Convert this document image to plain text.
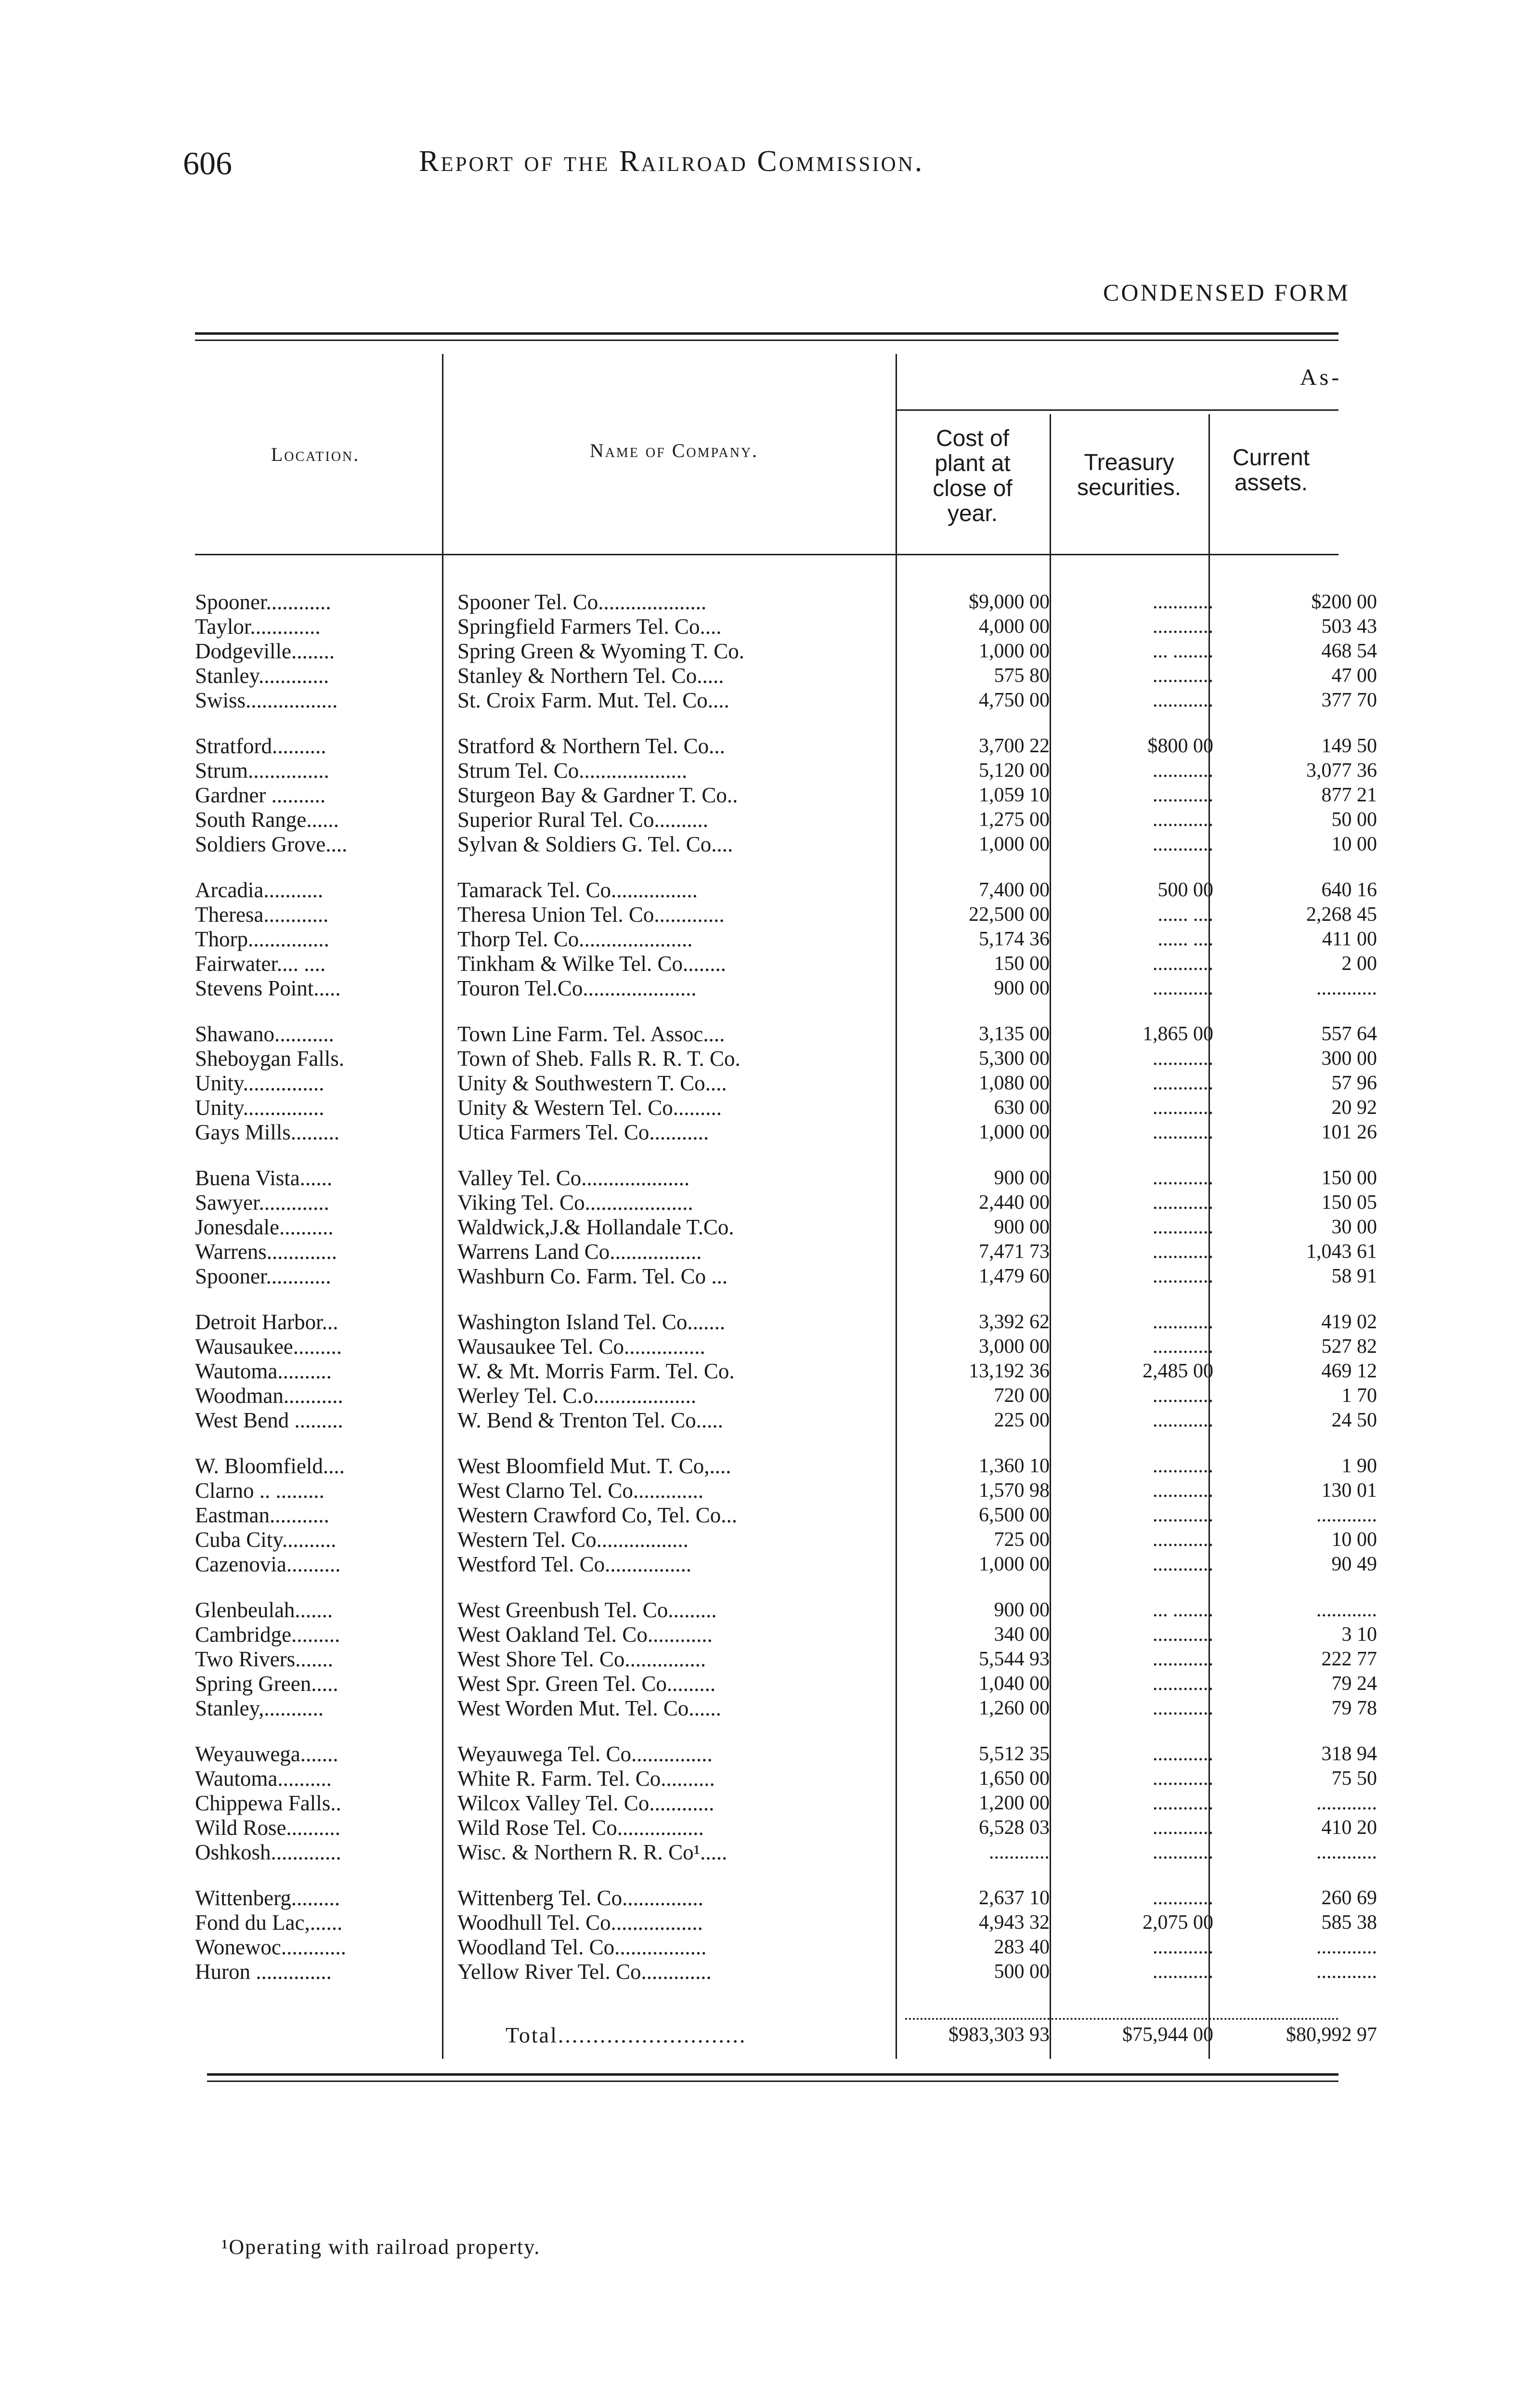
606	Report of the Railroad Commission.
CONDENSED FORM
As-
Location.	Name of Company.	Cost of
plant at
close of
year.
Treasury
securities.
Current
assets.
Spooner............	Spooner Tel. Co....................	$9,000 00	............	$200 00
Taylor.............	Springfield Farmers Tel. Co....	4,000 00	............	503 43
Dodgeville........	Spring Green & Wyoming T. Co.	1,000 00	... ........	468 54
Stanley.............	Stanley & Northern Tel. Co.....	575 80	............	47 00
Swiss.................	St. Croix Farm. Mut. Tel. Co....	4,750 00	............	377 70
Stratford..........	Stratford & Northern Tel. Co...	3,700 22	$800 00	149 50
Strum...............	Strum Tel. Co....................	5,120 00	............	3,077 36
Gardner ..........	Sturgeon Bay & Gardner T. Co..	1,059 10	............	877 21
South Range......	Superior Rural Tel. Co..........	1,275 00	............	50 00
Soldiers Grove....	Sylvan & Soldiers G. Tel. Co....	1,000 00	............	10 00
Arcadia...........	Tamarack Tel. Co................	7,400 00	500 00	640 16
Theresa............	Theresa Union Tel. Co.............	22,500 00	...... ....	2,268 45
Thorp...............	Thorp Tel. Co.....................	5,174 36	...... ....	411 00
Fairwater.... ....	Tinkham & Wilke Tel. Co........	150 00	............	2 00
Stevens Point.....	Touron Tel.Co.....................	900 00	............	............
Shawano...........	Town Line Farm. Tel. Assoc....	3,135 00	1,865 00	557 64
Sheboygan Falls.	Town of Sheb. Falls R. R. T. Co.	5,300 00	............	300 00
Unity...............	Unity & Southwestern T. Co....	1,080 00	............	57 96
Unity...............	Unity & Western Tel. Co.........	630 00	............	20 92
Gays Mills.........	Utica Farmers Tel. Co...........	1,000 00	............	101 26
Buena Vista......	Valley Tel. Co....................	900 00	............	150 00
Sawyer.............	Viking Tel. Co....................	2,440 00	............	150 05
Jonesdale..........	Waldwick,J.& Hollandale T.Co.	900 00	............	30 00
Warrens.............	Warrens Land Co.................	7,471 73	............	1,043 61
Spooner............	Washburn Co. Farm. Tel. Co ...	1,479 60	............	58 91
Detroit Harbor...	Washington Island Tel. Co.......	3,392 62	............	419 02
Wausaukee.........	Wausaukee Tel. Co...............	3,000 00	............	527 82
Wautoma..........	W. & Mt. Morris Farm. Tel. Co.	13,192 36	2,485 00	469 12
Woodman...........	Werley Tel. C.o...................	720 00	............	1 70
West Bend .........	W. Bend & Trenton Tel. Co.....	225 00	............	24 50
W. Bloomfield....	West Bloomfield Mut. T. Co,....	1,360 10	............	1 90
Clarno .. .........	West Clarno Tel. Co.............	1,570 98	............	130 01
Eastman...........	Western Crawford Co, Tel. Co...	6,500 00	............	............
Cuba City..........	Western Tel. Co.................	725 00	............	10 00
Cazenovia..........	Westford Tel. Co................	1,000 00	............	90 49
Glenbeulah.......	West Greenbush Tel. Co.........	900 00	... ........	............
Cambridge.........	West Oakland Tel. Co............	340 00	............	3 10
Two Rivers.......	West Shore Tel. Co...............	5,544 93	............	222 77
Spring Green.....	West Spr. Green Tel. Co.........	1,040 00	............	79 24
Stanley,...........	West Worden Mut. Tel. Co......	1,260 00	............	79 78
Weyauwega.......	Weyauwega Tel. Co...............	5,512 35	............	318 94
Wautoma..........	White R. Farm. Tel. Co..........	1,650 00	............	75 50
Chippewa Falls..	Wilcox Valley Tel. Co............	1,200 00	............	............
Wild Rose..........	Wild Rose Tel. Co................	6,528 03	............	410 20
Oshkosh.............	Wisc. & Northern R. R. Co¹.....	............	............	............
Wittenberg.........	Wittenberg Tel. Co...............	2,637 10	............	260 69
Fond du Lac,......	Woodhull Tel. Co.................	4,943 32	2,075 00	585 38
Wonewoc............	Woodland Tel. Co.................	283 40	............	............
Huron ..............	Yellow River Tel. Co.............	500 00	............	............
Total...........................	$983,303 93	$75,944 00	$80,992 97
¹Operating with railroad property.
